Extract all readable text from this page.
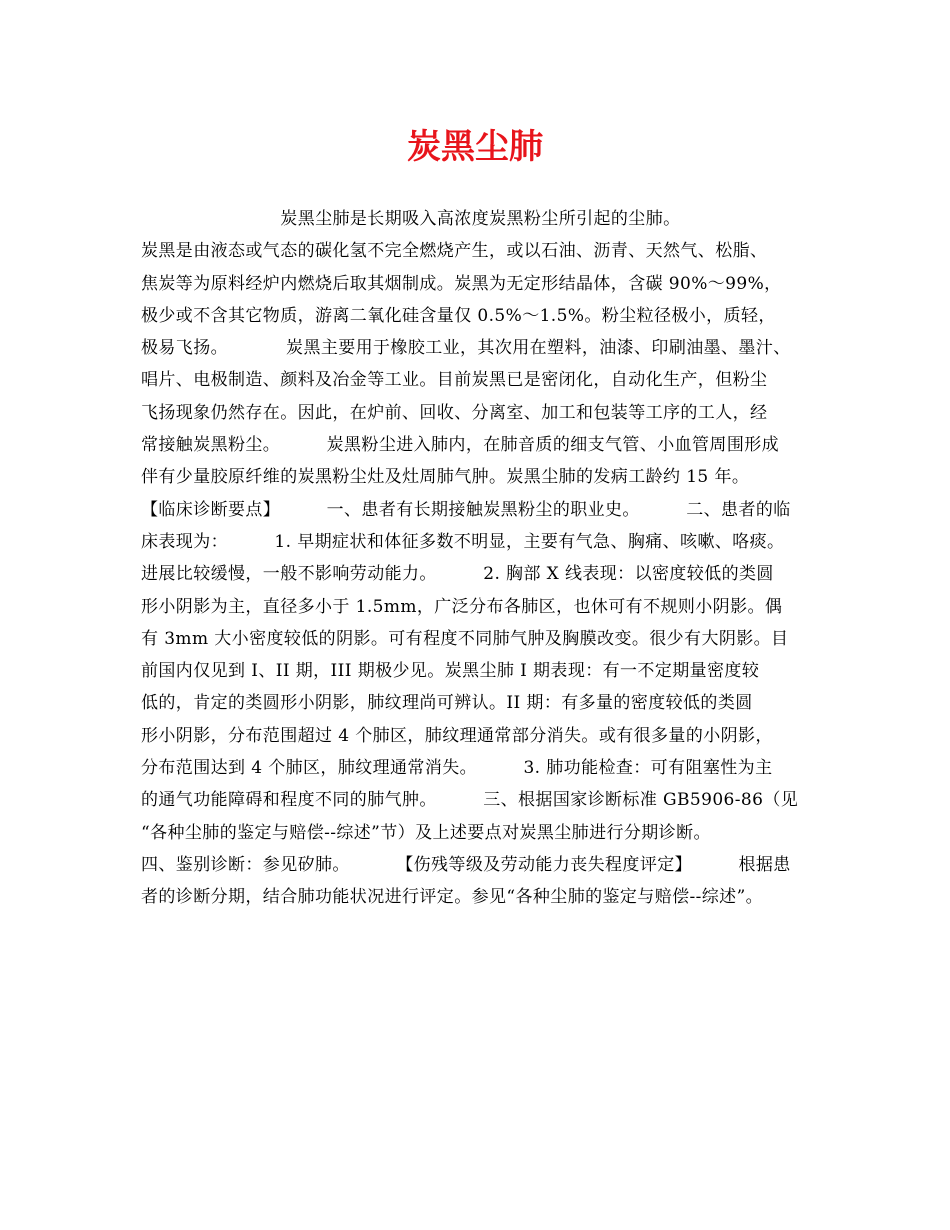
炭黑尘肺
炭黑尘肺是长期吸入高浓度炭黑粉尘所引起的尘肺。
炭黑是由液态或气态的碳化氢不完全燃烧产生，或以石油、沥青、天然气、松脂、
焦炭等为原料经炉内燃烧后取其烟制成。炭黑为无定形结晶体，含碳 90%～99%，
极少或不含其它物质，游离二氧化硅含量仅 0.5%～1.5%。粉尘粒径极小，质轻，
极易飞扬。          炭黑主要用于橡胶工业，其次用在塑料，油漆、印刷油墨、墨汁、
唱片、电极制造、颜料及冶金等工业。目前炭黑已是密闭化，自动化生产，但粉尘
飞扬现象仍然存在。因此，在炉前、回收、分离室、加工和包装等工序的工人，经
常接触炭黑粉尘。        炭黑粉尘进入肺内，在肺音质的细支气管、小血管周围形成
伴有少量胶原纤维的炭黑粉尘灶及灶周肺气肿。炭黑尘肺的发病工龄约 15 年。
【临床诊断要点】        一、患者有长期接触炭黑粉尘的职业史。        二、患者的临
床表现为：        1. 早期症状和体征多数不明显，主要有气急、胸痛、咳嗽、咯痰。
进展比较缓慢，一般不影响劳动能力。        2. 胸部 X 线表现：以密度较低的类圆
形小阴影为主，直径多小于 1.5mm，广泛分布各肺区，也休可有不规则小阴影。偶
有 3mm 大小密度较低的阴影。可有程度不同肺气肿及胸膜改变。很少有大阴影。目
前国内仅见到 I、II 期，III 期极少见。炭黑尘肺 I 期表现：有一不定期量密度较
低的，肯定的类圆形小阴影，肺纹理尚可辨认。II 期：有多量的密度较低的类圆
形小阴影，分布范围超过 4 个肺区，肺纹理通常部分消失。或有很多量的小阴影，
分布范围达到 4 个肺区，肺纹理通常消失。        3. 肺功能检查：可有阻塞性为主
的通气功能障碍和程度不同的肺气肿。        三、根据国家诊断标准 GB5906-86（见
“各种尘肺的鉴定与赔偿--综述”节）及上述要点对炭黑尘肺进行分期诊断。
四、鉴别诊断：参见矽肺。        【伤残等级及劳动能力丧失程度评定】        根据患
者的诊断分期，结合肺功能状况进行评定。参见“各种尘肺的鉴定与赔偿--综述”。
